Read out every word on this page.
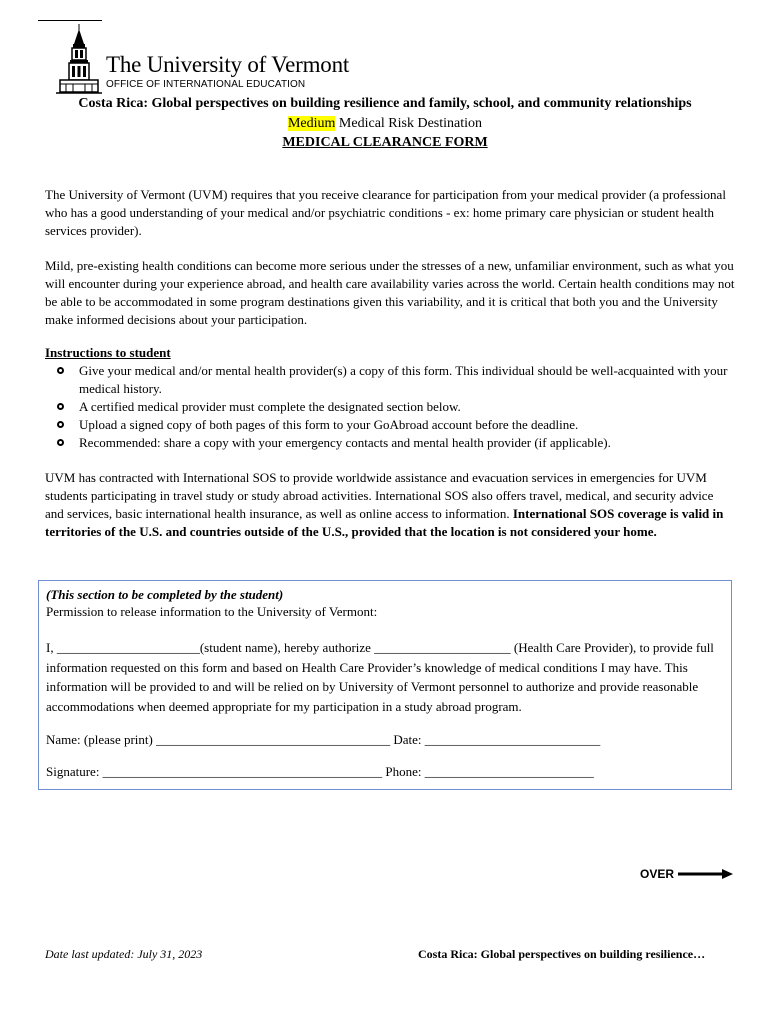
The University of Vermont
OFFICE OF INTERNATIONAL EDUCATION
Costa Rica: Global perspectives on building resilience and family, school, and community relationships
Medium Medical Risk Destination
MEDICAL CLEARANCE FORM

The University of Vermont (UVM) requires that you receive clearance for participation from your medical provider (a professional who has a good understanding of your medical and/or psychiatric conditions - ex: home primary care physician or student health services provider).

Mild, pre-existing health conditions can become more serious under the stresses of a new, unfamiliar environment, such as what you will encounter during your experience abroad, and health care availability varies across the world. Certain health conditions may not be able to be accommodated in some program destinations given this variability, and it is critical that both you and the University make informed decisions about your participation.

Instructions to student
Give your medical and/or mental health provider(s) a copy of this form. This individual should be well-acquainted with your medical history.
A certified medical provider must complete the designated section below.
Upload a signed copy of both pages of this form to your GoAbroad account before the deadline.
Recommended: share a copy with your emergency contacts and mental health provider (if applicable).

UVM has contracted with International SOS to provide worldwide assistance and evacuation services in emergencies for UVM students participating in travel study or study abroad activities. International SOS also offers travel, medical, and security advice and services, basic international health insurance, as well as online access to information. International SOS coverage is valid in territories of the U.S. and countries outside of the U.S., provided that the location is not considered your home.

(This section to be completed by the student)

Permission to release information to the University of Vermont:

I, ______________________(student name), hereby authorize _____________________ (Health Care Provider), to provide full information requested on this form and based on Health Care Provider’s knowledge of medical conditions I may have. This information will be provided to and will be relied on by University of Vermont personnel to authorize and provide reasonable accommodations when deemed appropriate for my participation in a study abroad program.

Name: (please print) ____________________________________ Date: ___________________________

Signature: ___________________________________________ Phone: __________________________

OVER
Date last updated: July 31, 2023	Costa Rica: Global perspectives on building resilience…
